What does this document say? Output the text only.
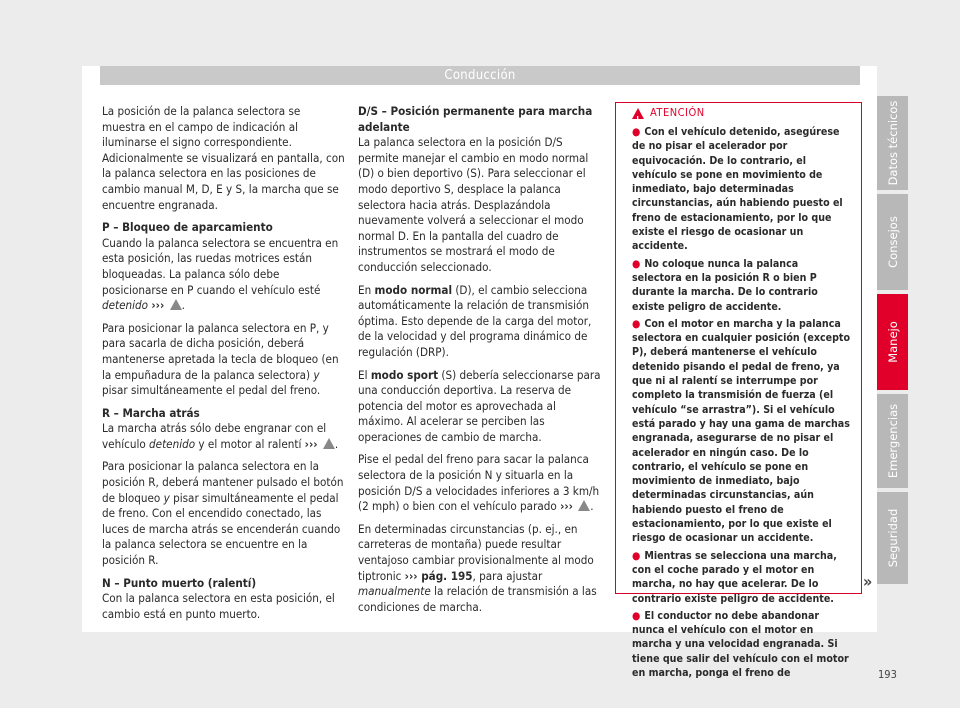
Conducción

La posición de la palanca selectora se muestra en el campo de indicación al iluminarse el signo correspondiente. Adicionalmente se visualizará en pantalla, con la palanca selectora en las posiciones de cambio manual M, D, E y S, la marcha que se encuentre engranada.

P – Bloqueo de aparcamiento

Cuando la palanca selectora se encuentra en esta posición, las ruedas motrices están bloqueadas. La palanca sólo debe posicionarse en P cuando el vehículo esté detenido ››› .

Para posicionar la palanca selectora en P, y para sacarla de dicha posición, deberá mantenerse apretada la tecla de bloqueo (en la empuñadura de la palanca selectora) y pisar simultáneamente el pedal del freno.

R – Marcha atrás

La marcha atrás sólo debe engranar con el vehículo detenido y el motor al ralentí ››› .

Para posicionar la palanca selectora en la posición R, deberá mantener pulsado el botón de bloqueo y pisar simultáneamente el pedal de freno. Con el encendido conectado, las luces de marcha atrás se encenderán cuando la palanca selectora se encuentre en la posición R.

N – Punto muerto (ralentí)

Con la palanca selectora en esta posición, el cambio está en punto muerto.

D/S – Posición permanente para marcha adelante

La palanca selectora en la posición D/S permite manejar el cambio en modo normal (D) o bien deportivo (S). Para seleccionar el modo deportivo S, desplace la palanca selectora hacia atrás. Desplazándola nuevamente volverá a seleccionar el modo normal D. En la pantalla del cuadro de instrumentos se mostrará el modo de conducción seleccionado.

En modo normal (D), el cambio selecciona automáticamente la relación de transmisión óptima. Esto depende de la carga del motor, de la velocidad y del programa dinámico de regulación (DRP).

El modo sport (S) debería seleccionarse para una conducción deportiva. La reserva de potencia del motor es aprovechada al máximo. Al acelerar se perciben las operaciones de cambio de marcha.

Pise el pedal del freno para sacar la palanca selectora de la posición N y situarla en la posición D/S a velocidades inferiores a 3 km/h (2 mph) o bien con el vehículo parado ››› .

En determinadas circunstancias (p. ej., en carreteras de montaña) puede resultar ventajoso cambiar provisionalmente al modo tiptronic ››› pág. 195, para ajustar manualmente la relación de transmisión a las condiciones de marcha.

!
ATENCIÓN

● Con el vehículo detenido, asegúrese de no pisar el acelerador por equivocación. De lo contrario, el vehículo se pone en movimiento de inmediato, bajo determinadas circunstancias, aún habiendo puesto el freno de estacionamiento, por lo que existe el riesgo de ocasionar un accidente.

● No coloque nunca la palanca selectora en la posición R o bien P durante la marcha. De lo contrario existe peligro de accidente.

● Con el motor en marcha y la palanca selectora en cualquier posición (excepto P), deberá mantenerse el vehículo detenido pisando el pedal de freno, ya que ni al ralentí se interrumpe por completo la transmisión de fuerza (el vehículo “se arrastra”). Si el vehículo está parado y hay una gama de marchas engranada, asegurarse de no pisar el acelerador en ningún caso. De lo contrario, el vehículo se pone en movimiento de inmediato, bajo determinadas circunstancias, aún habiendo puesto el freno de estacionamiento, por lo que existe el riesgo de ocasionar un accidente.

● Mientras se selecciona una marcha, con el coche parado y el motor en marcha, no hay que acelerar. De lo contrario existe peligro de accidente.

● El conductor no debe abandonar nunca el vehículo con el motor en marcha y una velocidad engranada. Si tiene que salir del vehículo con el motor en marcha, ponga el freno de

»
Datos técnicos
Consejos
Manejo
Emergencias
Seguridad
193
